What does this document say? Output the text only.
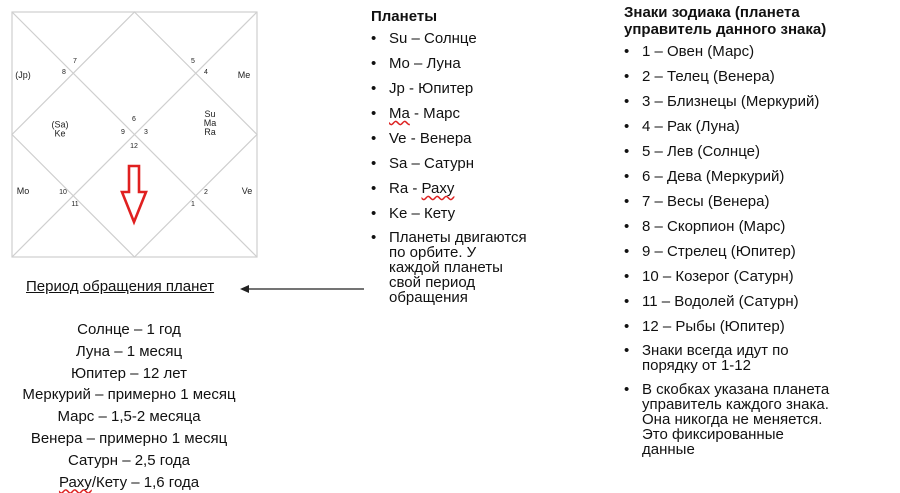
6
5
4	Me
3
Su
Ma
Ra
2	Ve
1
12
11
10
Mo
9
(Sa)
Ke
8
(Jp)
7
Планеты
• Su – Солнце
• Mo – Луна
• Jp - Юпитер
• Ma - Марс
• Ve - Венера
• Sa – Сатурн
• Ra - Раху
• Ke – Кету
• Планеты двигаются
по орбите. У
каждой планеты
свой период
обращения
Знаки зодиака (планета
управитель данного знака)
• 1 – Овен (Марс)
• 2 – Телец (Венера)
• 3 – Близнецы (Меркурий)
• 4 – Рак (Луна)
• 5 – Лев (Солнце)
• 6 – Дева (Меркурий)
• 7 – Весы (Венера)
• 8 – Скорпион (Марс)
• 9 – Стрелец (Юпитер)
• 10 – Козерог (Сатурн)
• 11 – Водолей (Сатурн)
• 12 – Рыбы (Юпитер)
• Знаки всегда идут по
порядку от 1-12
• В скобках указана планета
управитель каждого знака.
Она никогда не меняется.
Это фиксированные
данные
Период обращения планет
Солнце – 1 год
Луна – 1 месяц
Юпитер – 12 лет
Меркурий – примерно 1 месяц
Марс – 1,5-2 месяца
Венера – примерно 1 месяц
Сатурн – 2,5 года
Раху/Кету – 1,6 года
